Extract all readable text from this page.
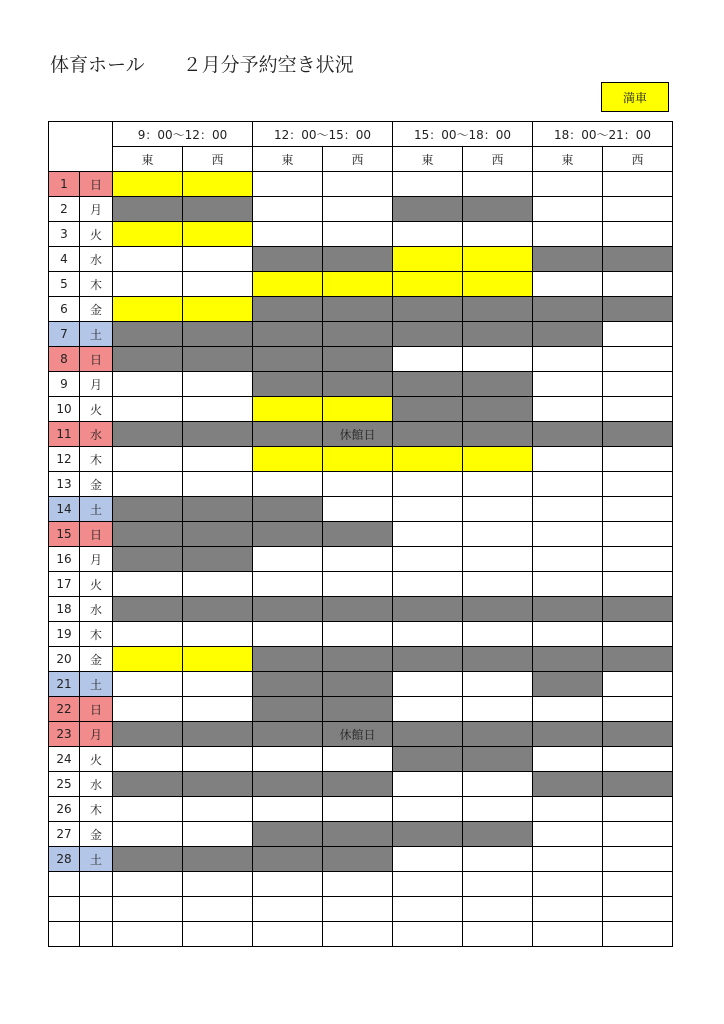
体育ホール　　２月分予約空き状況
満車
		9：00～12：00		12：00～15：00		15：00～18：00		18：00～21：00	
		東	西	東	西	東	西	東	西
1	日								
2	月								
3	火								
4	水								
5	木								
6	金								
7	土								
8	日								
9	月								
10	火								
11	水				休館日				
12	木								
13	金								
14	土								
15	日								
16	月								
17	火								
18	水								
19	木								
20	金								
21	土								
22	日								
23	月				休館日				
24	火								
25	水								
26	木								
27	金								
28	土								
